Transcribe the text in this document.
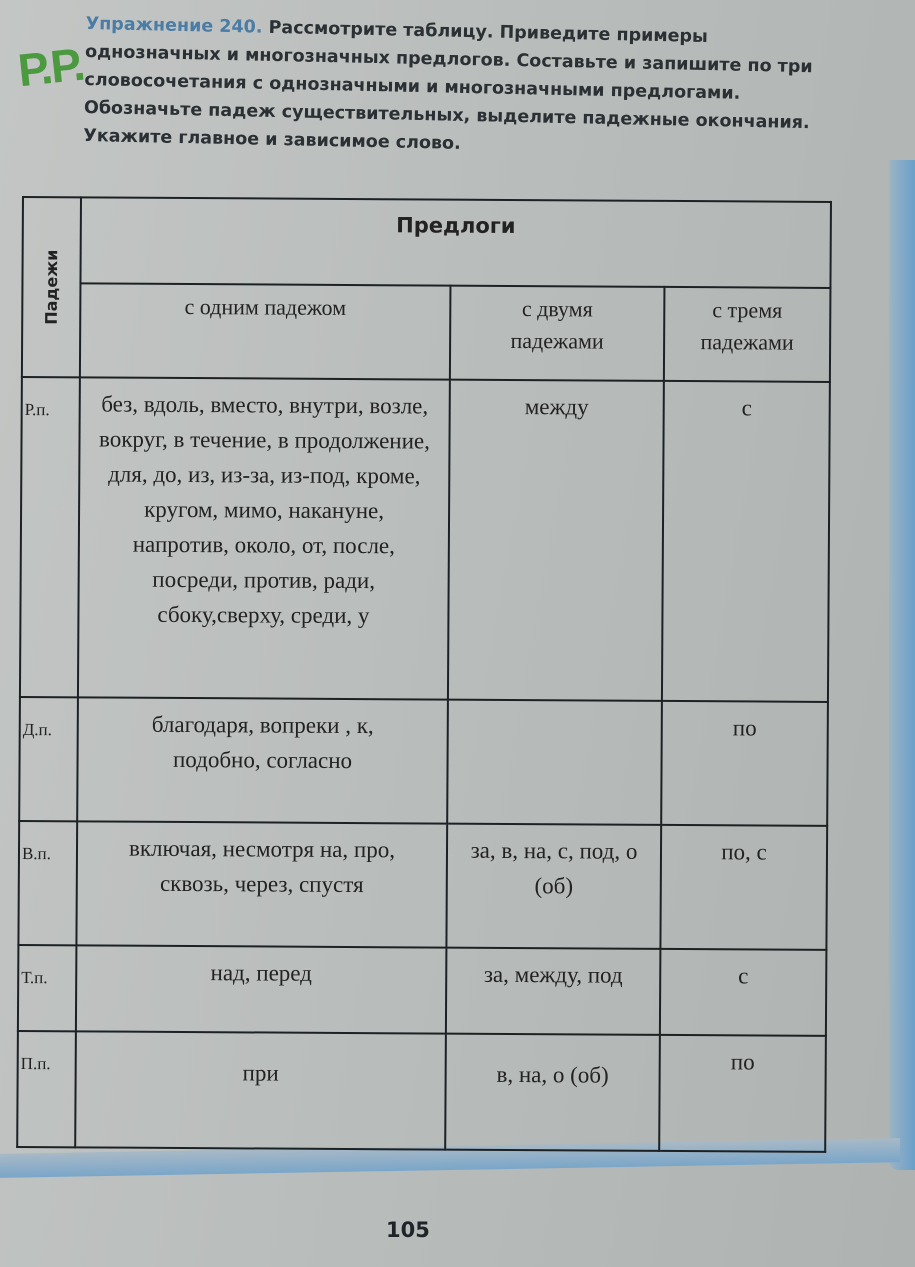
Р.Р.
Упражнение 240. Рассмотрите таблицу. Приведите примеры однозначных и многозначных предлогов. Составьте и запишите по три словосочетания с однозначными и многозначными предлогами. Обозначьте падеж существительных, выделите падежные окончания. Укажите главное и зависимое слово.
Падежи	Предлоги		
	с одним падежом	с двумя падежами	с тремя падежами
Р.п.	без, вдоль, вместо, внутри, возле, вокруг, в течение, в продолжение, для, до, из, из-за, из-под, кроме, кругом, мимо, накануне, напротив, около, от, после, посреди, против, ради, сбоку,сверху, среди, у	между	с
Д.п.	благодаря, вопреки , к, подобно, согласно		по
В.п.	включая, несмотря на, про, сквозь, через, спустя	за, в, на, с, под, о (об)	по, с
Т.п.	над, перед	за, между, под	с
П.п.	при	в, на, о (об)	по
105
